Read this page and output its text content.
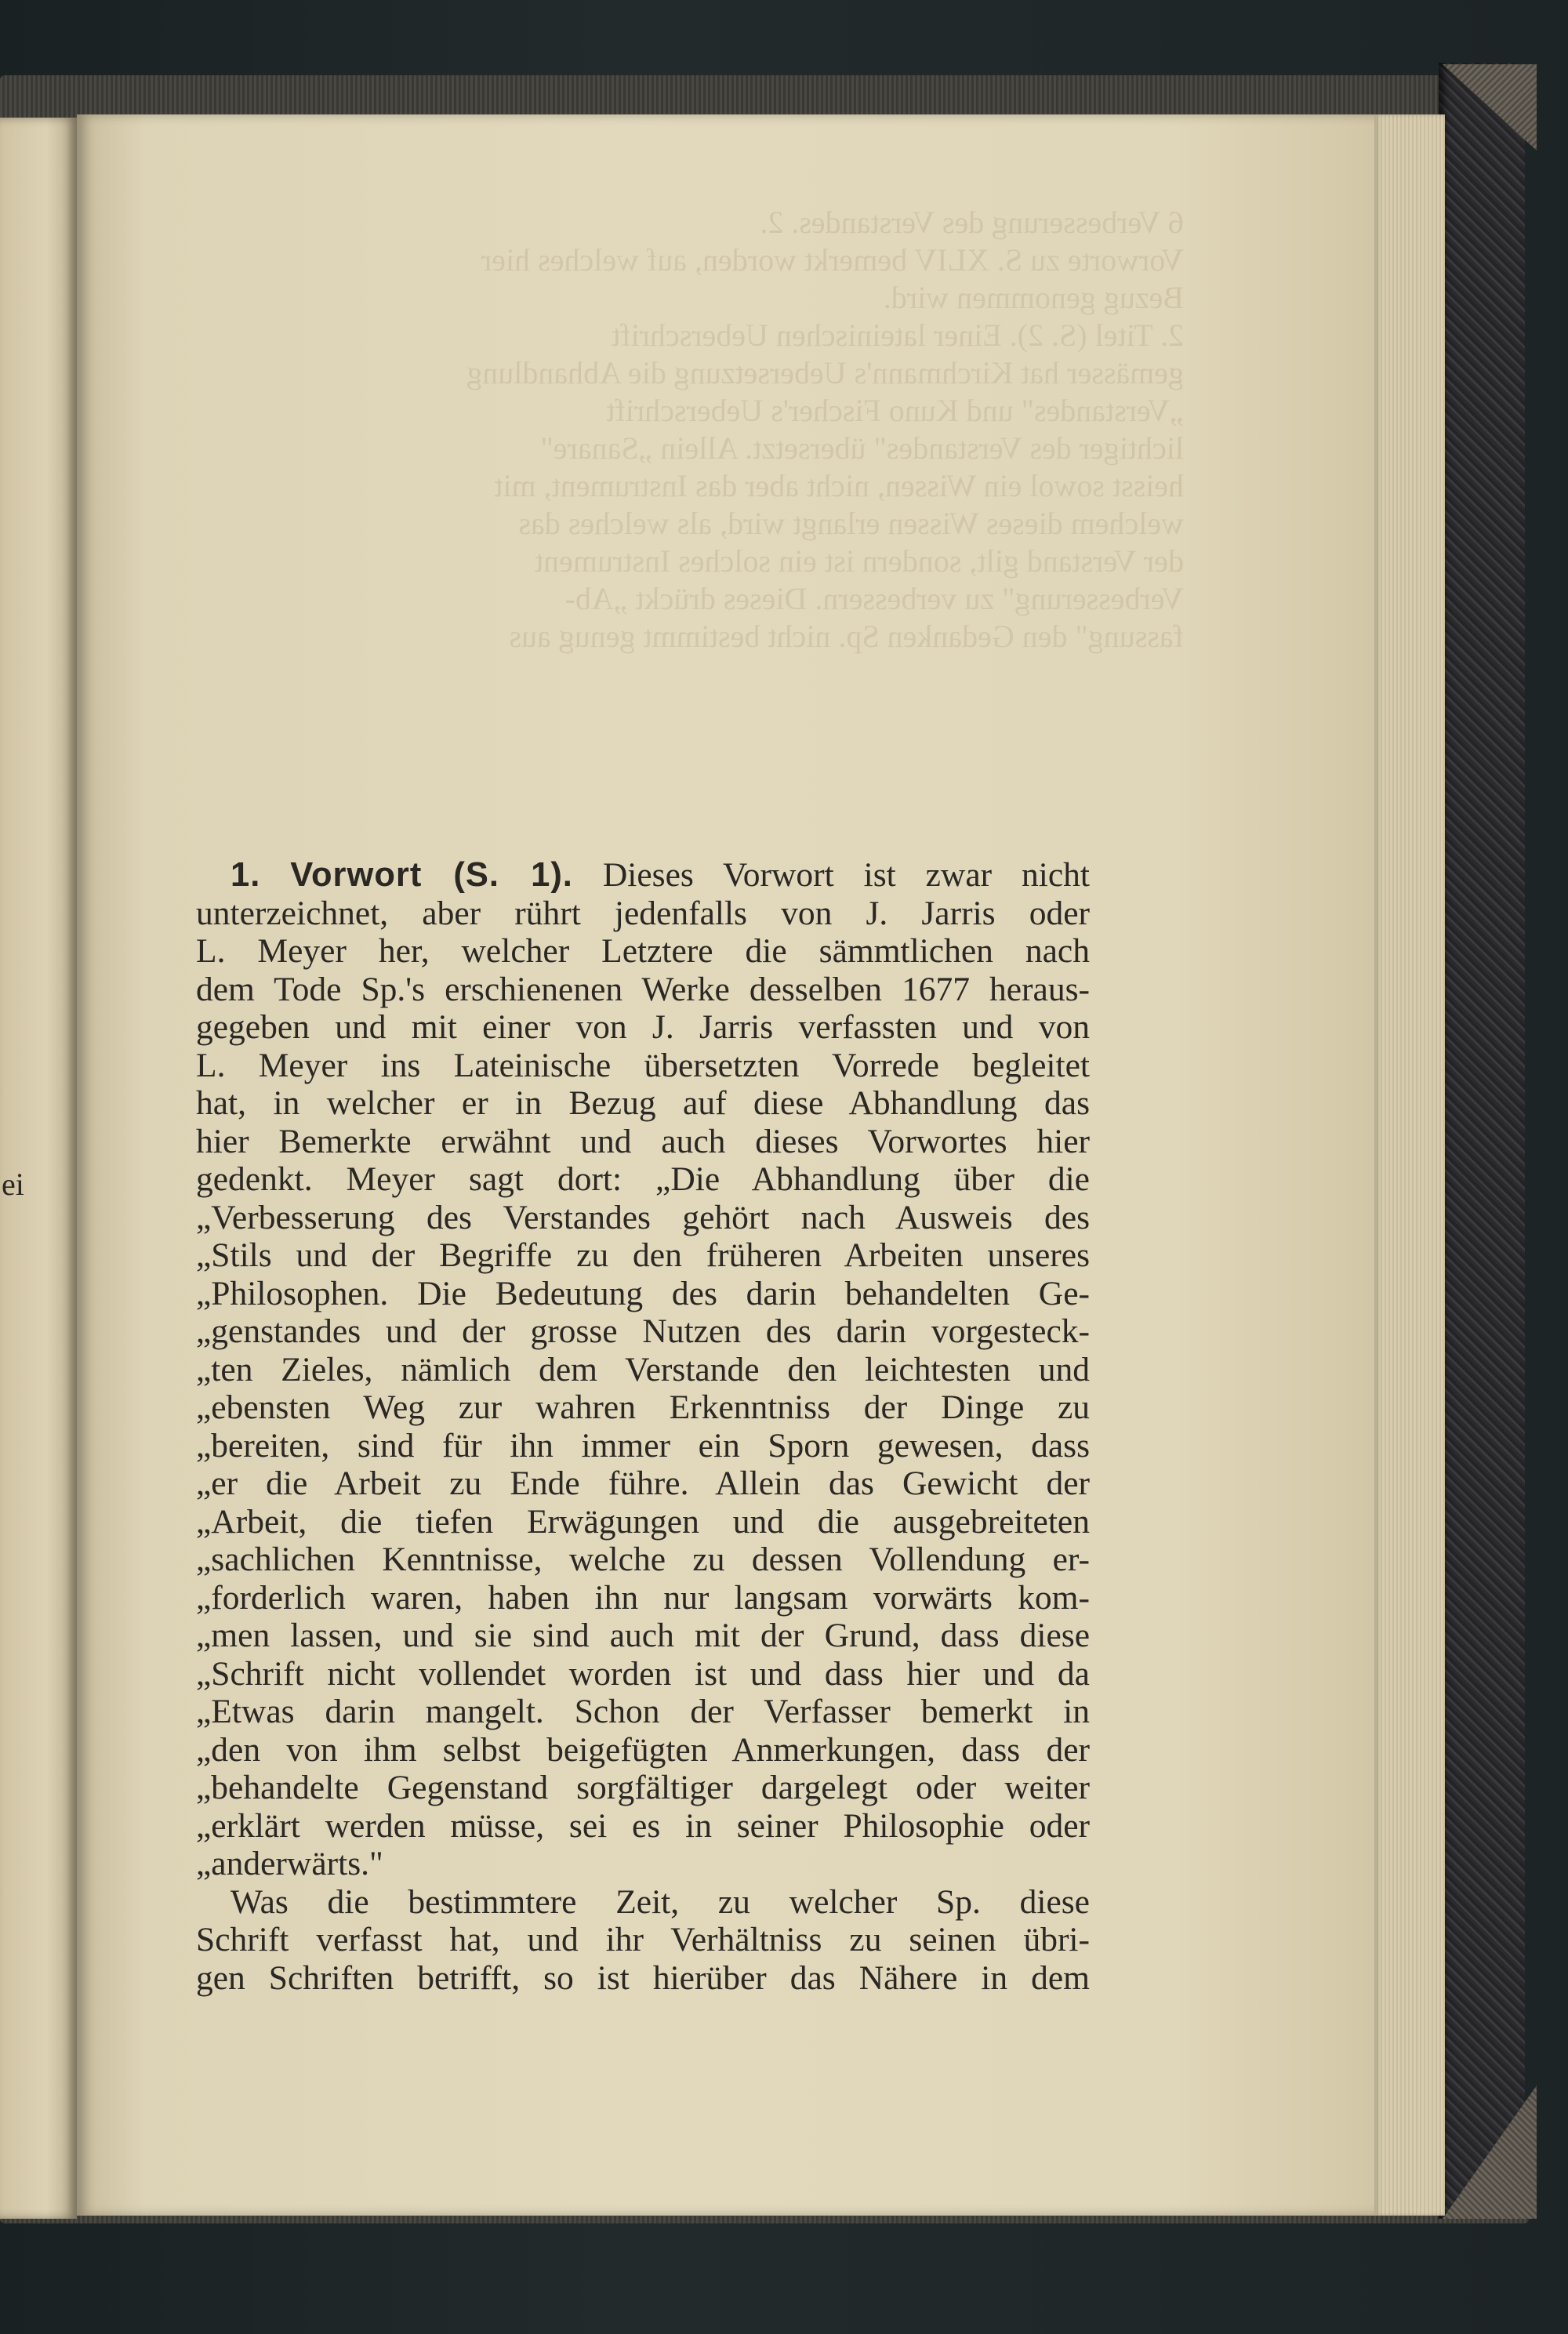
ei
6 Verbesserung des Verstandes. 2.
Vorworte zu S. XLIV bemerkt worden, auf welches hier
Bezug genommen wird.
2. Titel (S. 2). Einer lateinischen Ueberschrift
gemässer hat Kirchmann's Uebersetzung die Abhandlung
„Verstandes" und Kuno Fischer's Ueberschrift
lichtiger des Verstandes" übersetzt. Allein „Sanare"
heisst sowol ein Wissen, nicht aber das Instrument, mit
welchem dieses Wissen erlangt wird, als welches das
der Verstand gilt, sondern ist ein solches Instrument
Verbesserung" zu verbessern. Dieses drückt „Ab-
fassung" den Gedanken Sp. nicht bestimmt genug aus
1. Vorwort (S. 1). Dieses Vorwort ist zwar nicht
unterzeichnet, aber rührt jedenfalls von J. Jarris oder
L. Meyer her, welcher Letztere die sämmtlichen nach
dem Tode Sp.'s erschienenen Werke desselben 1677 heraus-
gegeben und mit einer von J. Jarris verfassten und von
L. Meyer ins Lateinische übersetzten Vorrede begleitet
hat, in welcher er in Bezug auf diese Abhandlung das
hier Bemerkte erwähnt und auch dieses Vorwortes hier
gedenkt. Meyer sagt dort: „Die Abhandlung über die
„Verbesserung des Verstandes gehört nach Ausweis des
„Stils und der Begriffe zu den früheren Arbeiten unseres
„Philosophen. Die Bedeutung des darin behandelten Ge-
„genstandes und der grosse Nutzen des darin vorgesteck-
„ten Zieles, nämlich dem Verstande den leichtesten und
„ebensten Weg zur wahren Erkenntniss der Dinge zu
„bereiten, sind für ihn immer ein Sporn gewesen, dass
„er die Arbeit zu Ende führe. Allein das Gewicht der
„Arbeit, die tiefen Erwägungen und die ausgebreiteten
„sachlichen Kenntnisse, welche zu dessen Vollendung er-
„forderlich waren, haben ihn nur langsam vorwärts kom-
„men lassen, und sie sind auch mit der Grund, dass diese
„Schrift nicht vollendet worden ist und dass hier und da
„Etwas darin mangelt. Schon der Verfasser bemerkt in
„den von ihm selbst beigefügten Anmerkungen, dass der
„behandelte Gegenstand sorgfältiger dargelegt oder weiter
„erklärt werden müsse, sei es in seiner Philosophie oder
„anderwärts."
Was die bestimmtere Zeit, zu welcher Sp. diese
Schrift verfasst hat, und ihr Verhältniss zu seinen übri-
gen Schriften betrifft, so ist hierüber das Nähere in dem
